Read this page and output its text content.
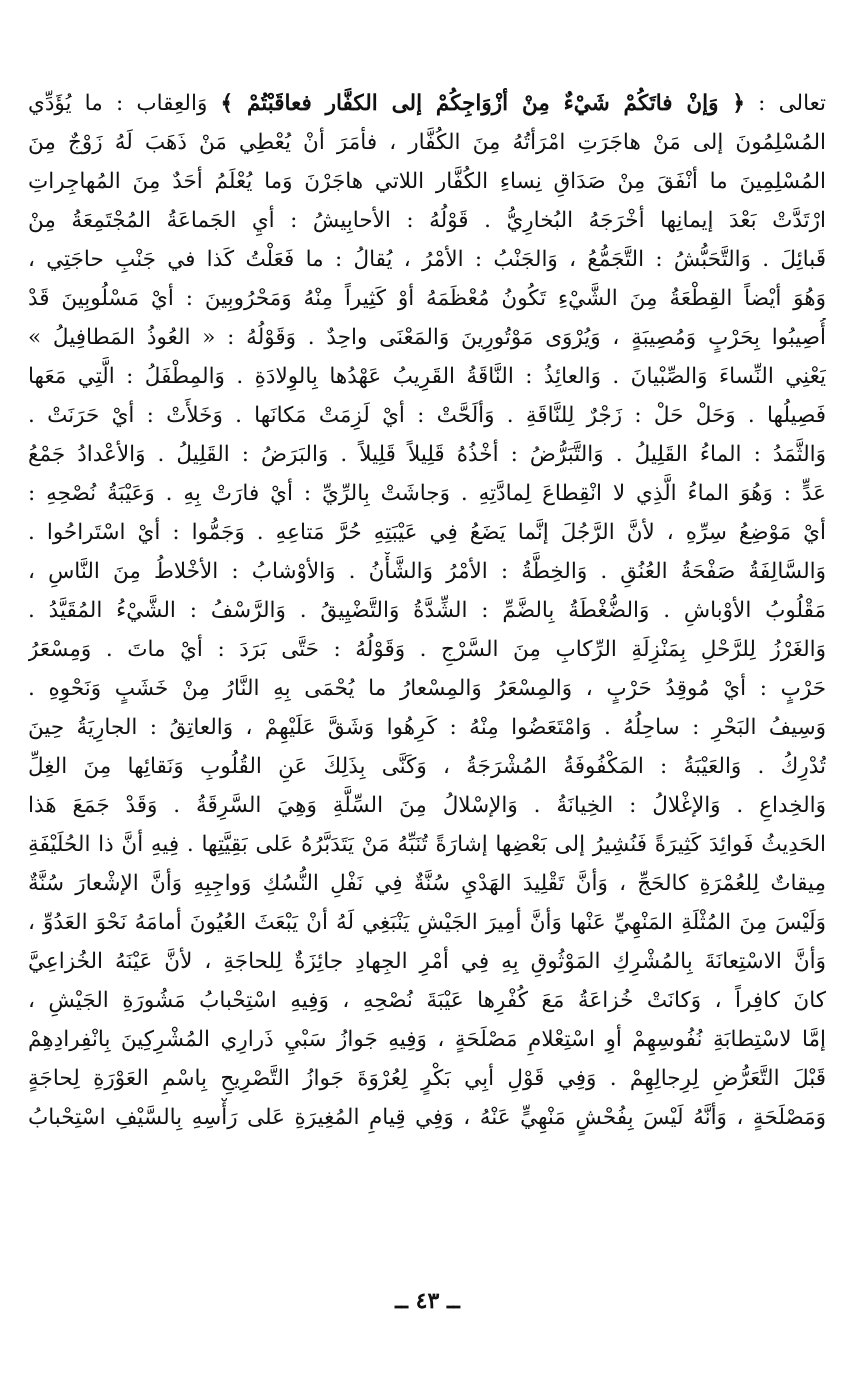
تعالى : ﴿ وَإنْ فاتَكُمْ شَيْءٌ مِنْ أزْوَاجِكُمْ إلى الكفَّار فعاقَبْتُمْ ﴾ وَالعِقاب : ما يُؤَدِّي
المُسْلِمُونَ إلى مَنْ هاجَرَتِ امْرَأتُهُ مِنَ الكُفَّار ، فأمَرَ أنْ يُعْطِي مَنْ ذَهَبَ لَهُ زَوْجٌ مِنَ
المُسْلِمِينَ ما أنْفَقَ مِنْ صَدَاقِ نِساءِ الكُفَّار اللاتي هاجَرْنَ وَما يُعْلَمُ أحَدٌ مِنَ المُهاجِراتِ
ارْتَدَّتْ بَعْدَ إيمانِها أخْرَجَهُ البُخارِيُّ . قَوْلُهُ : الأحابِيشُ : أيِ الجَماعَةُ المُجْتَمِعَةُ مِنْ
قَبائِلَ . وَالتَّحَبُّشُ : التَّجَمُّعُ ، وَالجَنْبُ : الأمْرُ ، يُقالُ : ما فَعَلْتُ كَذا في جَنْبِ حاجَتِي ،
وَهُوَ أيْضاً القِطْعَةُ مِنَ الشَّيْءِ تَكُونُ مُعْظَمَهُ أوْ كَثِيراً مِنْهُ وَمَحْرُوبِينَ : أيْ مَسْلُوبِينَ قَدْ
أُصِيبُوا بِحَرْبٍ وَمُصِيبَةٍ ، وَيُرْوَى مَوْتُورِينَ وَالمَعْنَى واحِدٌ . وَقَوْلُهُ : « العُوذُ المَطافِيلُ »
يَعْنِي النِّساءَ وَالصِّبْيانَ . وَالعائِذُ : النَّاقَةُ القَرِيبُ عَهْدُها بِالوِلادَةِ . وَالمِطْفَلُ : الَّتِي مَعَها
فَصِيلُها . وَحَلْ حَلْ : زَجْرٌ لِلنَّاقَةِ . وَألَحَّتْ : أيْ لَزِمَتْ مَكانَها . وَخَلأَتْ : أيْ حَرَنَتْ .
وَالثَّمَدُ : الماءُ القَلِيلُ . وَالتَّبَرُّضُ : أخْذُهُ قَلِيلاً قَلِيلاً . وَالبَرَضُ : القَلِيلُ . وَالأعْدادُ جَمْعُ
عَدٍّ : وَهُوَ الماءُ الَّذِي لا انْقِطاعَ لِمادَّتِهِ . وَجاشَتْ بِالرِّيِّ : أيْ فارَتْ بِهِ . وَعَيْبَةُ نُصْحِهِ :
أيْ مَوْضِعُ سِرِّهِ ، لأنَّ الرَّجُلَ إنَّما يَضَعُ فِي عَيْبَتِهِ حُرَّ مَتاعِهِ . وَجَمُّوا : أيْ اسْتَراحُوا .
وَالسَّالِفَةُ صَفْحَةُ العُنُقِ . وَالخِطَّةُ : الأمْرُ وَالشَّأْنُ . وَالأوْشابُ : الأخْلاطُ مِنَ النَّاسِ ،
مَقْلُوبُ الأوْباشِ . وَالضُّغْطَةُ بِالضَّمِّ : الشِّدَّةُ وَالتَّضْيِيقُ . وَالرَّسْفُ : الشَّيْءُ المُقَيَّدُ .
وَالغَرْزُ لِلرَّحْلِ بِمَنْزِلَةِ الرِّكابِ مِنَ السَّرْجِ . وَقَوْلُهُ : حَتَّى بَرَدَ : أيْ ماتَ . وَمِسْعَرُ
حَرْبٍ : أيْ مُوقِدُ حَرْبٍ ، وَالمِسْعَرُ وَالمِسْعارُ ما يُحْمَى بِهِ النَّارُ مِنْ خَشَبٍ وَنَحْوِهِ .
وَسِيفُ البَحْرِ : ساحِلُهُ . وَامْتَعَضُوا مِنْهُ : كَرِهُوا وَشَقَّ عَلَيْهِمْ ، وَالعاتِقُ : الجارِيَةُ حِينَ
تُدْرِكُ . وَالعَيْبَةُ : المَكْفُوفَةُ المُشْرَجَةُ ، وَكَنَّى بِذَلِكَ عَنِ القُلُوبِ وَنَقائِها مِنَ الغِلِّ
وَالخِداعِ . وَالإغْلالُ : الخِيانَةُ . وَالإسْلالُ مِنَ السِّلَّةِ وَهِيَ السَّرِقَةُ . وَقَدْ جَمَعَ هَذا
الحَدِيثُ فَوائِدَ كَثِيرَةً فَنُشِيرُ إلى بَعْضِها إشارَةً تُنَبِّهُ مَنْ يَتَدَبَّرُهُ عَلى بَقِيَّتِها . فِيهِ أنَّ ذا الحُلَيْفَةِ
مِيقاتٌ لِلعُمْرَةِ كالحَجِّ ، وَأنَّ تَقْلِيدَ الهَدْيِ سُنَّةٌ فِي نَفْلِ النُّسُكِ وَواجِبِهِ وَأنَّ الإشْعارَ سُنَّةٌ
وَلَيْسَ مِنَ المُثْلَةِ المَنْهِيِّ عَنْها وَأنَّ أمِيرَ الجَيْشِ يَنْبَغِي لَهُ أنْ يَبْعَثَ العُيُونَ أمامَهُ نَحْوَ العَدُوِّ ،
وَأنَّ الاسْتِعانَةَ بِالمُشْرِكِ المَوْثُوقِ بِهِ فِي أمْرِ الجِهادِ جائِزَةٌ لِلحاجَةِ ، لأنَّ عَيْنَهُ الخُزاعِيَّ
كانَ كافِراً ، وَكانَتْ خُزاعَةُ مَعَ كُفْرِها عَيْبَةَ نُصْحِهِ ، وَفِيهِ اسْتِحْبابُ مَشُورَةِ الجَيْشِ ،
إمَّا لاسْتِطابَةِ نُفُوسِهِمْ أوِ اسْتِعْلامِ مَصْلَحَةٍ ، وَفِيهِ جَوازُ سَبْيِ ذَرارِي المُشْرِكِينَ بِانْفِرادِهِمْ
قَبْلَ التَّعَرُّضِ لِرِجالِهِمْ . وَفِي قَوْلِ أبِي بَكْرٍ لِعُرْوَةَ جَوازُ التَّصْرِيحِ بِاسْمِ العَوْرَةِ لِحاجَةٍ
وَمَصْلَحَةٍ ، وَأنَّهُ لَيْسَ بِفُحْشٍ مَنْهِيٍّ عَنْهُ ، وَفِي قِيامِ المُغِيرَةِ عَلى رَأْسِهِ بِالسَّيْفِ اسْتِحْبابُ
ــ ٤٣ ــ
